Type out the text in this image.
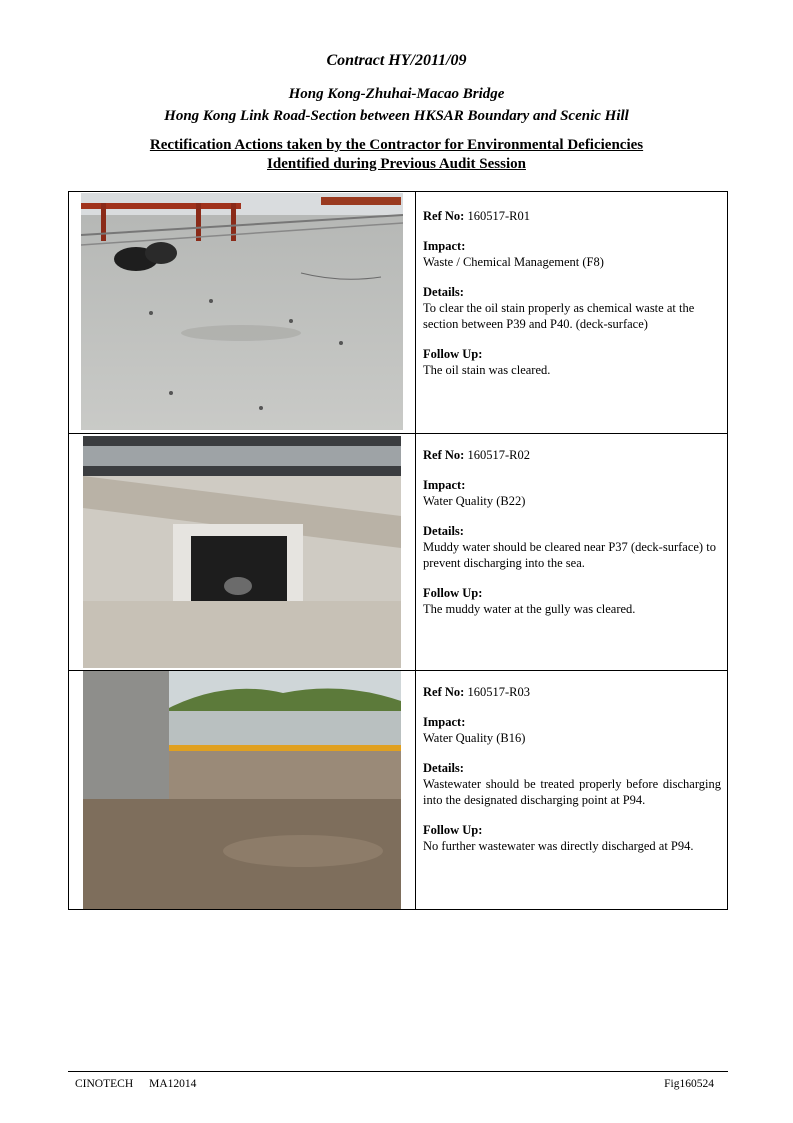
Contract HY/2011/09
Hong Kong-Zhuhai-Macao Bridge
Hong Kong Link Road-Section between HKSAR Boundary and Scenic Hill
Rectification Actions taken by the Contractor for Environmental Deficiencies
Identified during Previous Audit Session
Ref No: 160517-R01

Impact:

Waste / Chemical Management (F8)

Details:

To clear the oil stain properly as chemical waste at the section between P39 and P40. (deck-surface)

Follow Up:

The oil stain was cleared.

Ref No: 160517-R02

Impact:

Water Quality (B22)

Details:

Muddy water should be cleared near P37 (deck-surface) to prevent discharging into the sea.

Follow Up:

The muddy water at the gully was cleared.

Ref No: 160517-R03

Impact:

Water Quality (B16)

Details:

Wastewater should be treated properly before discharging into the designated discharging point at P94.

Follow Up:

No further wastewater was directly discharged at P94.

CINOTECH MA12014	Fig160524
